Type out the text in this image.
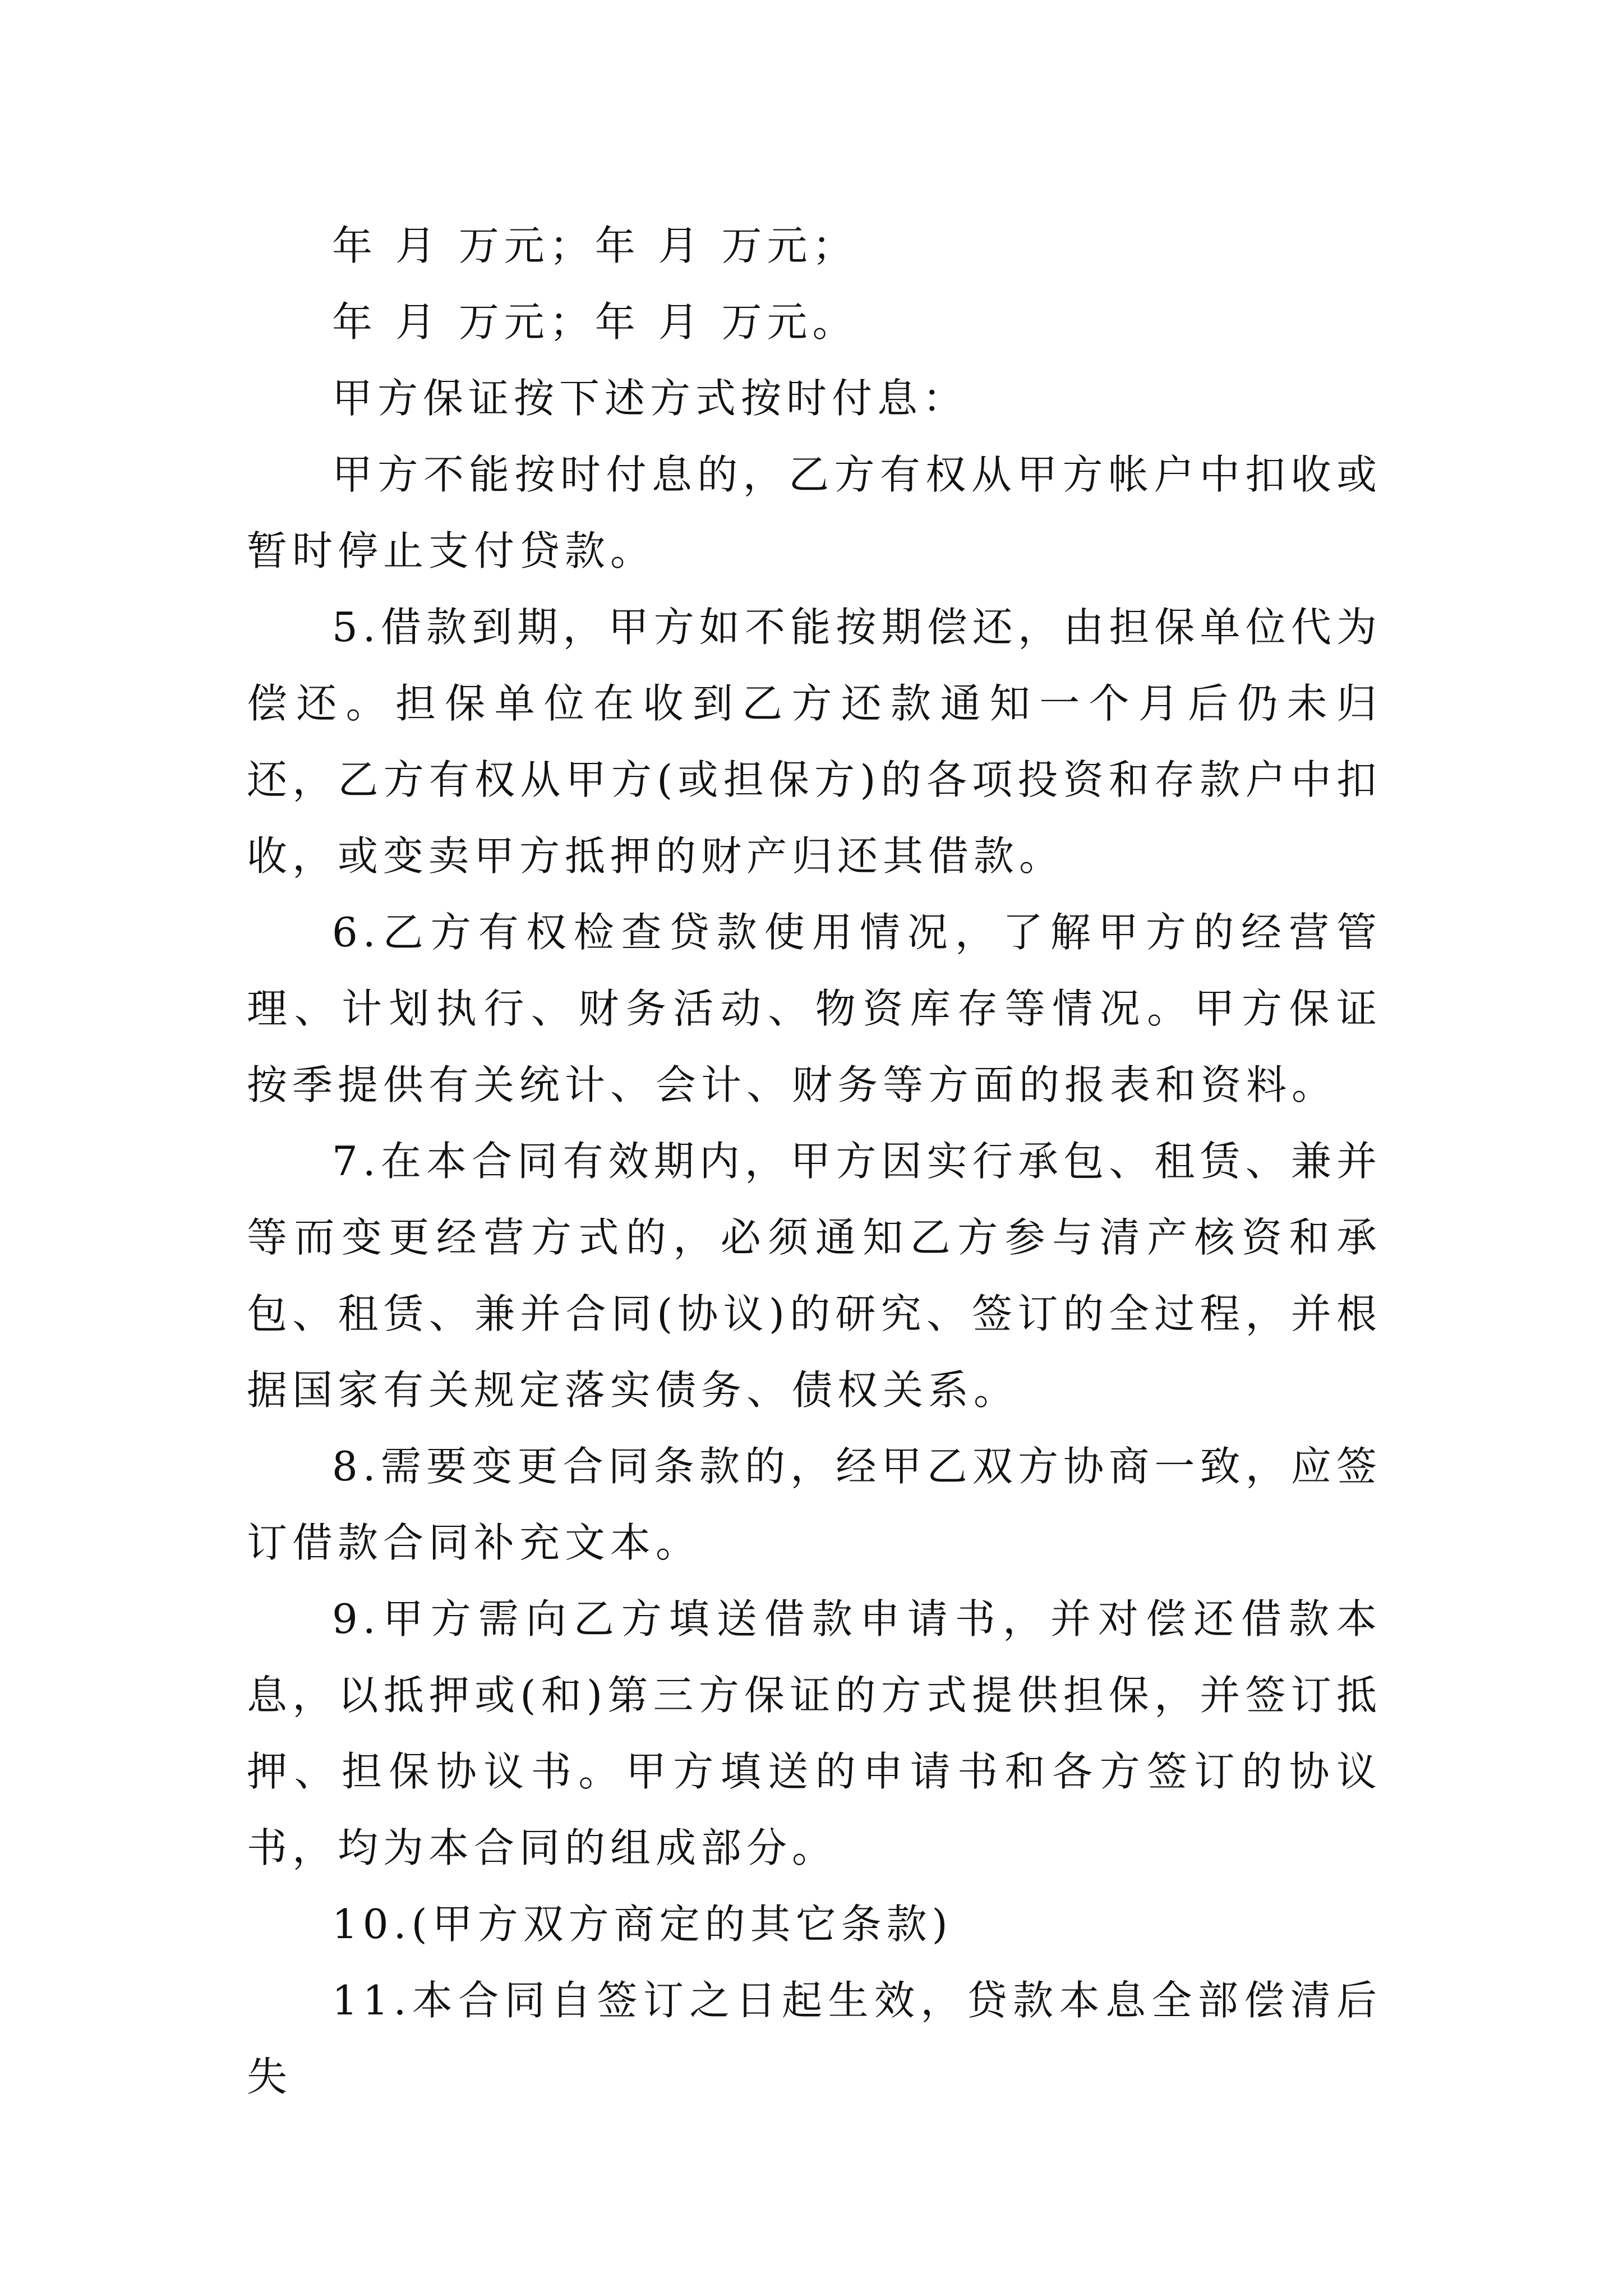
年 月 万元；年 月 万元；

年 月 万元；年 月 万元。

甲方保证按下述方式按时付息：

甲方不能按时付息的，乙方有权从甲方帐户中扣收或暂时停止支付贷款。

5.借款到期，甲方如不能按期偿还，由担保单位代为偿还。担保单位在收到乙方还款通知一个月后仍未归还，乙方有权从甲方(或担保方)的各项投资和存款户中扣收，或变卖甲方抵押的财产归还其借款。

6.乙方有权检查贷款使用情况，了解甲方的经营管理、计划执行、财务活动、物资库存等情况。甲方保证按季提供有关统计、会计、财务等方面的报表和资料。

7.在本合同有效期内，甲方因实行承包、租赁、兼并等而变更经营方式的，必须通知乙方参与清产核资和承包、租赁、兼并合同(协议)的研究、签订的全过程，并根据国家有关规定落实债务、债权关系。

8.需要变更合同条款的，经甲乙双方协商一致，应签订借款合同补充文本。

9.甲方需向乙方填送借款申请书，并对偿还借款本息，以抵押或(和)第三方保证的方式提供担保，并签订抵押、担保协议书。甲方填送的申请书和各方签订的协议书，均为本合同的组成部分。

10.(甲方双方商定的其它条款)

11.本合同自签订之日起生效，贷款本息全部偿清后失
